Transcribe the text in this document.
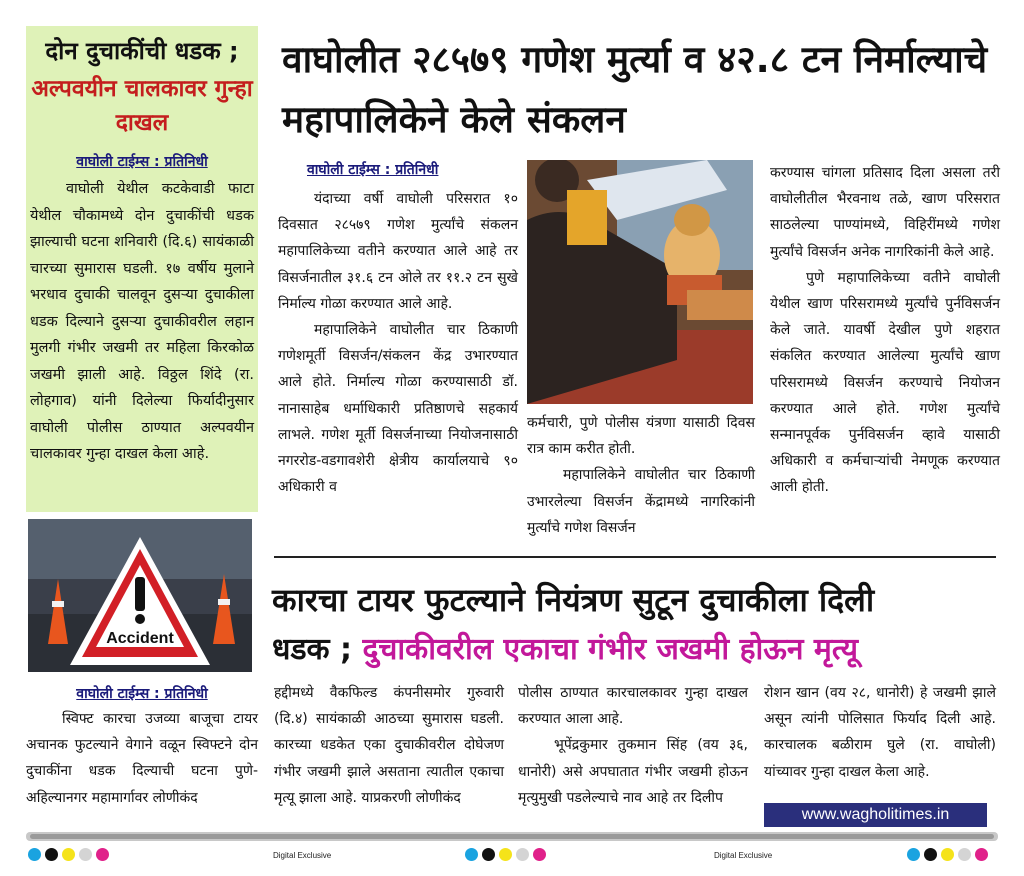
दोन दुचाकींची धडक ;
अल्पवयीन चालकावर गुन्हा दाखल
वाघोली टाईम्स : प्रतिनिधी
वाघोली येथील कटकेवाडी फाटा येथील चौकामध्ये दोन दुचाकींची धडक झाल्याची घटना शनिवारी (दि.६) सायंकाळी चारच्या सुमारास घडली. १७ वर्षीय मुलाने भरधाव दुचाकी चालवून दुसऱ्या दुचाकीला धडक दिल्याने दुसऱ्या दुचाकीवरील लहान मुलगी गंभीर जखमी तर महिला किरकोळ जखमी झाली आहे. विठ्ठल शिंदे (रा. लोहगाव) यांनी दिलेल्या फिर्यादीनुसार वाघोली पोलीस ठाण्यात अल्पवयीन चालकावर गुन्हा दाखल केला आहे.
Accident
वाघोलीत २८५७९ गणेश मुर्त्या व ४२.८ टन निर्माल्याचे महापालिकेने केले संकलन
वाघोली टाईम्स : प्रतिनिधी

यंदाच्या वर्षी वाघोली परिसरात १० दिवसात २८५७९ गणेश मुर्त्यांचे संकलन महापालिकेच्या वतीने करण्यात आले आहे तर विसर्जनातील ३१.६ टन ओले तर ११.२ टन सुखे निर्माल्य गोळा करण्यात आले आहे.

महापालिकेने वाघोलीत चार ठिकाणी गणेशमूर्ती विसर्जन/संकलन केंद्र उभारण्यात आले होते. निर्माल्य गोळा करण्यासाठी डॉ. नानासाहेब धर्माधिकारी प्रतिष्ठाणचे सहकार्य लाभले. गणेश मूर्ती विसर्जनाच्या नियोजनासाठी नगररोड-वडगावशेरी क्षेत्रीय कार्यालयाचे ९० अधिकारी व

कर्मचारी, पुणे पोलीस यंत्रणा यासाठी दिवस रात्र काम करीत होती.

महापालिकेने वाघोलीत चार ठिकाणी उभारलेल्या विसर्जन केंद्रामध्ये नागरिकांनी मुर्त्यांचे गणेश विसर्जन

करण्यास चांगला प्रतिसाद दिला असला तरी वाघोलीतील भैरवनाथ तळे, खाण परिसरात साठलेल्या पाण्यांमध्ये, विहिरींमध्ये गणेश मुर्त्यांचे विसर्जन अनेक नागरिकांनी केले आहे.

पुणे महापालिकेच्या वतीने वाघोली येथील खाण परिसरामध्ये मुर्त्यांचे पुर्नविसर्जन केले जाते. यावर्षी देखील पुणे शहरात संकलित करण्यात आलेल्या मुर्त्यांचे खाण परिसरामध्ये विसर्जन करण्याचे नियोजन करण्यात आले होते. गणेश मुर्त्यांचे सन्मानपूर्वक पुर्नविसर्जन व्हावे यासाठी अधिकारी व कर्मचाऱ्यांची नेमणूक करण्यात आली होती.

कारचा टायर फुटल्याने नियंत्रण सुटून दुचाकीला दिली
धडक ; दुचाकीवरील एकाचा गंभीर जखमी होऊन मृत्यू
वाघोली टाईम्स : प्रतिनिधी

स्विफ्ट कारचा उजव्या बाजूचा टायर अचानक फुटल्याने वेगाने वळून स्विफ्टने दोन दुचाकींना धडक दिल्याची घटना पुणे-अहिल्यानगर महामार्गावर लोणीकंद

हद्दीमध्ये वैकफिल्ड कंपनीसमोर गुरुवारी (दि.४) सायंकाळी आठच्या सुमारास घडली. कारच्या धडकेत एका दुचाकीवरील दोघेजण गंभीर जखमी झाले असताना त्यातील एकाचा मृत्यू झाला आहे. याप्रकरणी लोणीकंद

पोलीस ठाण्यात कारचालकावर गुन्हा दाखल करण्यात आला आहे.

भूपेंद्रकुमार तुकमान सिंह (वय ३६, धानोरी) असे अपघातात गंभीर जखमी होऊन मृत्युमुखी पडलेल्याचे नाव आहे तर दिलीप

रोशन खान (वय २८, धानोरी) हे जखमी झाले असून त्यांनी पोलिसात फिर्याद दिली आहे. कारचालक बळीराम घुले (रा. वाघोली) यांच्यावर गुन्हा दाखल केला आहे.

www.wagholitimes.in
Digital Exclusive	Digital Exclusive
